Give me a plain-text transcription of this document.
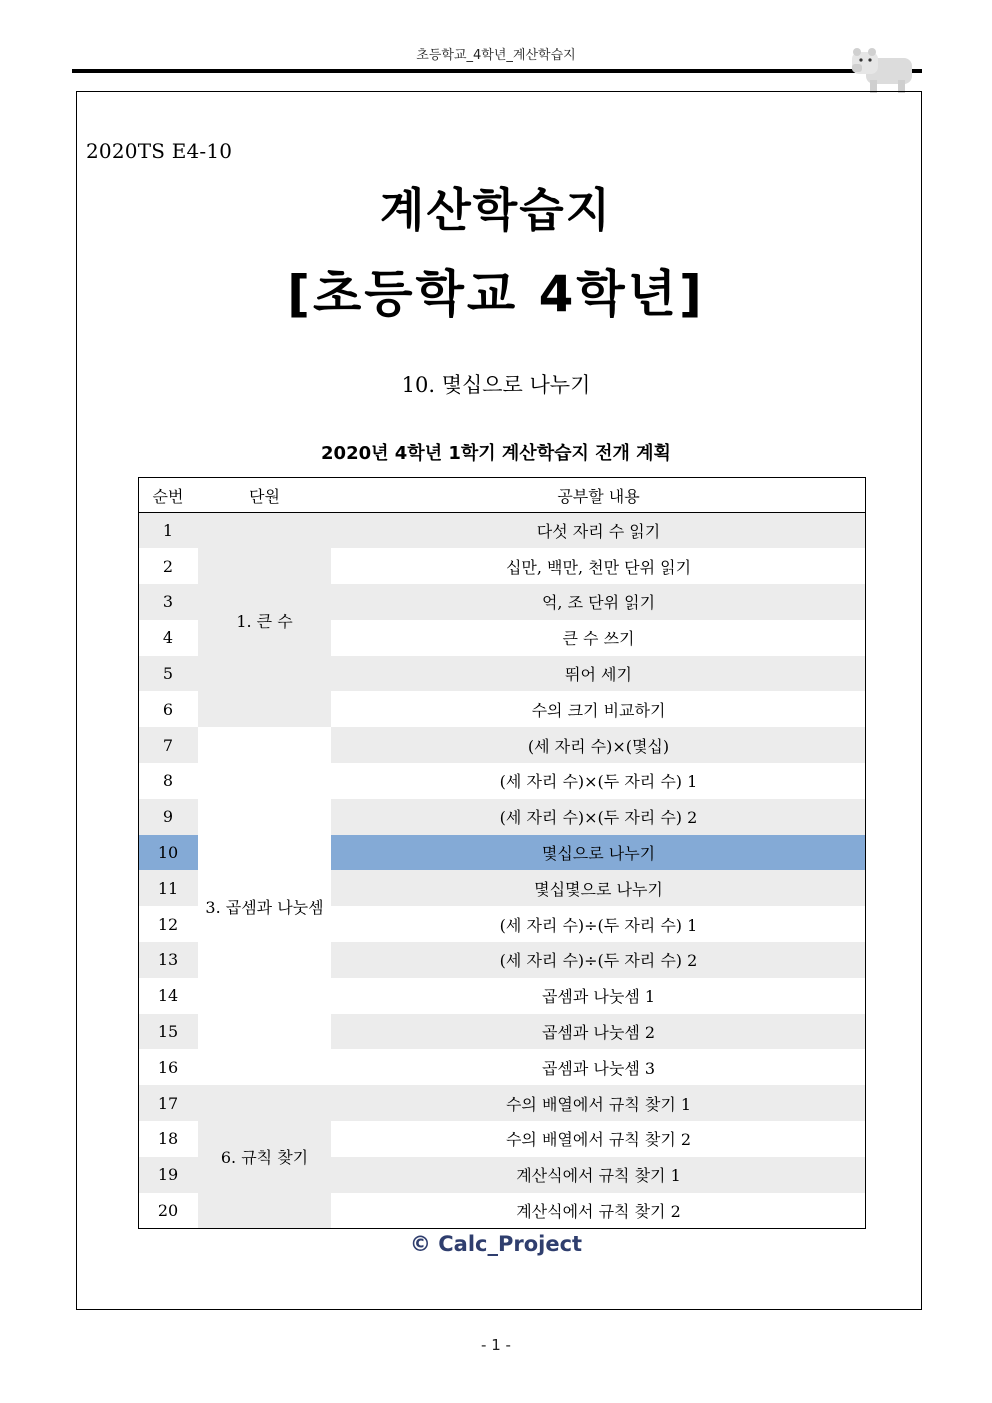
초등학교_4학년_계산학습지
2020TS E4-10
계산학습지
[초등학교 4학년]
10. 몇십으로 나누기
2020년 4학년 1학기 계산학습지 전개 계획
순번	단원	공부할 내용
1	1. 큰 수	다섯 자리 수 읽기
2		십만, 백만, 천만 단위 읽기
3		억, 조 단위 읽기
4		큰 수 쓰기
5		뛰어 세기
6		수의 크기 비교하기
7	3. 곱셈과 나눗셈	(세 자리 수)×(몇십)
8		(세 자리 수)×(두 자리 수) 1
9		(세 자리 수)×(두 자리 수) 2
10		몇십으로 나누기
11		몇십몇으로 나누기
12		(세 자리 수)÷(두 자리 수) 1
13		(세 자리 수)÷(두 자리 수) 2
14		곱셈과 나눗셈 1
15		곱셈과 나눗셈 2
16		곱셈과 나눗셈 3
17	6. 규칙 찾기	수의 배열에서 규칙 찾기 1
18		수의 배열에서 규칙 찾기 2
19		계산식에서 규칙 찾기 1
20		계산식에서 규칙 찾기 2
© Calc_Project
- 1 -
